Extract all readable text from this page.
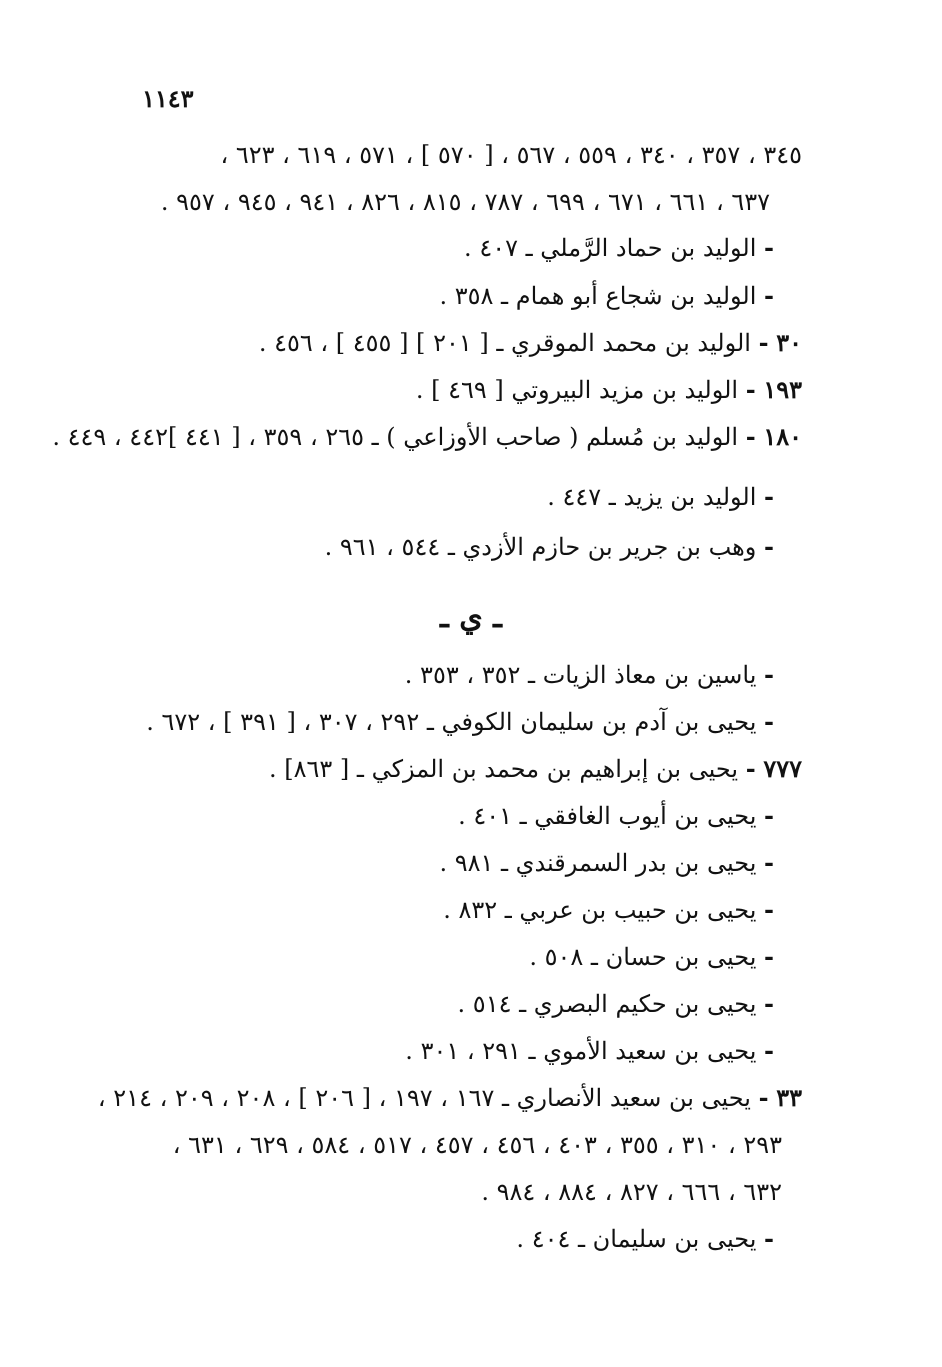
١١٤٣
٣٤٥ ، ٣٥٧ ، ٣٤٠ ، ٥٥٩ ، ٥٦٧ ، [ ٥٧٠ ] ، ٥٧١ ، ٦١٩ ، ٦٢٣ ،
٦٣٧ ، ٦٦١ ، ٦٧١ ، ٦٩٩ ، ٧٨٧ ، ٨١٥ ، ٨٢٦ ، ٩٤١ ، ٩٤٥ ، ٩٥٧ .
- الوليد بن حماد الرَّملي ـ ٤٠٧ .
- الوليد بن شجاع أبو همام ـ ٣٥٨ .
٣٠ - الوليد بن محمد الموقري ـ [ ٢٠١ ] [ ٤٥٥ ] ، ٤٥٦ .
١٩٣ - الوليد بن مزيد البيروتي [ ٤٦٩ ] .
١٨٠ - الوليد بن مُسلم ( صاحب الأوزاعي ) ـ ٢٦٥ ، ٣٥٩ ، [ ٤٤١ ]٤٤٢ ، ٤٤٩ .
- الوليد بن يزيد ـ ٤٤٧ .
- وهب بن جرير بن حازم الأزدي ـ ٥٤٤ ، ٩٦١ .
ـ ي ـ
- ياسين بن معاذ الزيات ـ ٣٥٢ ، ٣٥٣ .
- يحيى بن آدم بن سليمان الكوفي ـ ٢٩٢ ، ٣٠٧ ، [ ٣٩١ ] ، ٦٧٢ .
٧٧٧ - يحيى بن إبراهيم بن محمد بن المزكي ـ [ ٨٦٣] .
- يحيى بن أيوب الغافقي ـ ٤٠١ .
- يحيى بن بدر السمرقندي ـ ٩٨١ .
- يحيى بن حبيب بن عربي ـ ٨٣٢ .
- يحيى بن حسان ـ ٥٠٨ .
- يحيى بن حكيم البصري ـ ٥١٤ .
- يحيى بن سعيد الأموي ـ ٢٩١ ، ٣٠١ .
٣٣ - يحيى بن سعيد الأنصاري ـ ١٦٧ ، ١٩٧ ، [ ٢٠٦ ] ، ٢٠٨ ، ٢٠٩ ، ٢١٤ ،
٢٩٣ ، ٣١٠ ، ٣٥٥ ، ٤٠٣ ، ٤٥٦ ، ٤٥٧ ، ٥١٧ ، ٥٨٤ ، ٦٢٩ ، ٦٣١ ،
٦٣٢ ، ٦٦٦ ، ٨٢٧ ، ٨٨٤ ، ٩٨٤ .
- يحيى بن سليمان ـ ٤٠٤ .
